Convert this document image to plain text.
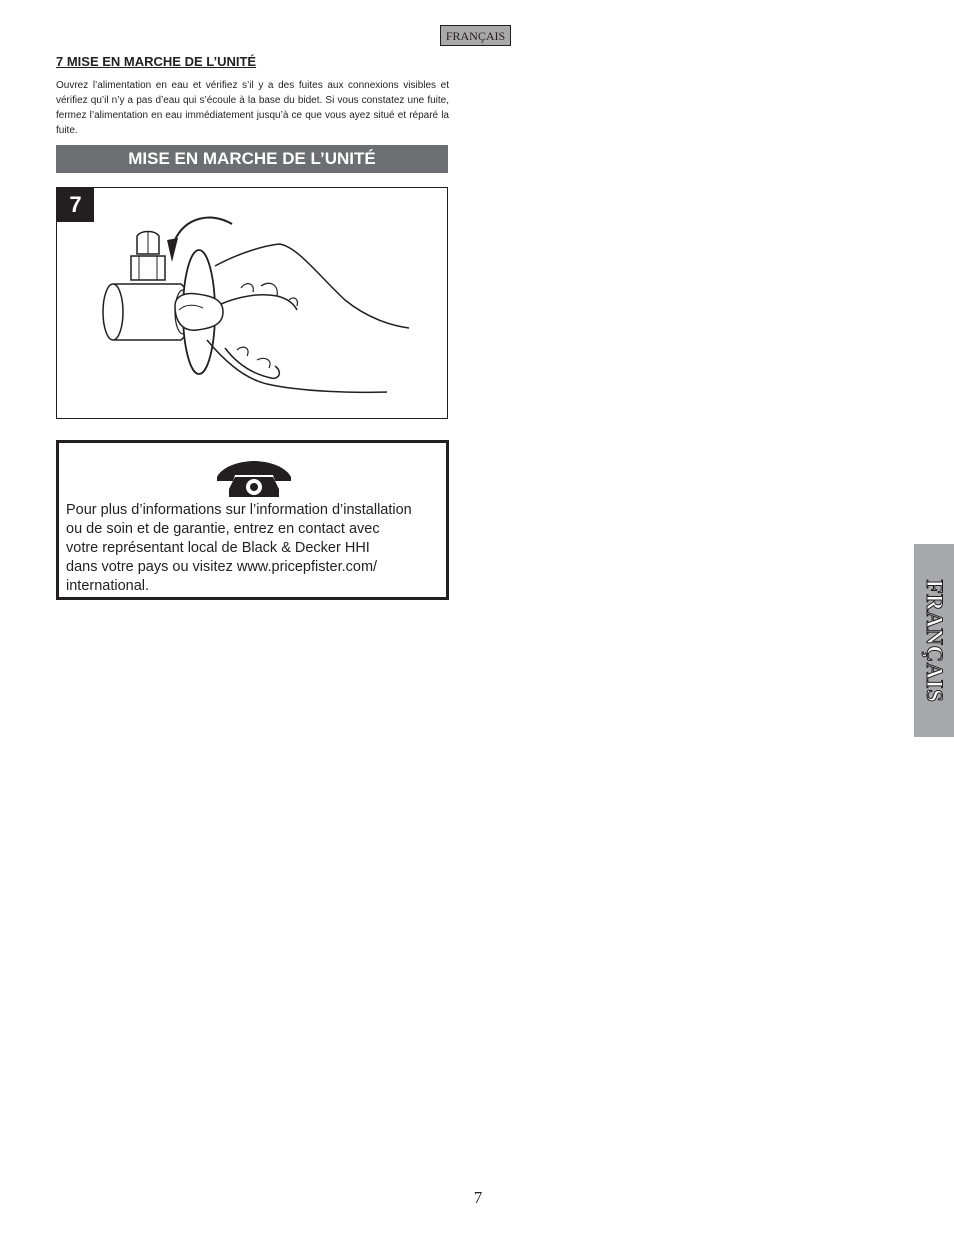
FRANÇAIS
7 MISE EN MARCHE DE L’UNITÉ
Ouvrez l’alimentation en eau et vérifiez s’il y a des fuites aux connexions visibles et vérifiez qu’il n’y a pas d’eau qui s’écoule à la base du bidet. Si vous constatez une fuite, fermez l’alimentation en eau immédiatement jusqu’à ce que vous ayez situé et réparé la fuite.
MISE EN MARCHE DE L’UNITÉ
7
Pour plus d’informations sur l’information d’installation
ou de soin et de garantie, entrez en contact avec
votre représentant local de Black & Decker HHI
dans votre pays ou visitez www.pricepfister.com/
international.	FRANÇAIS
7
